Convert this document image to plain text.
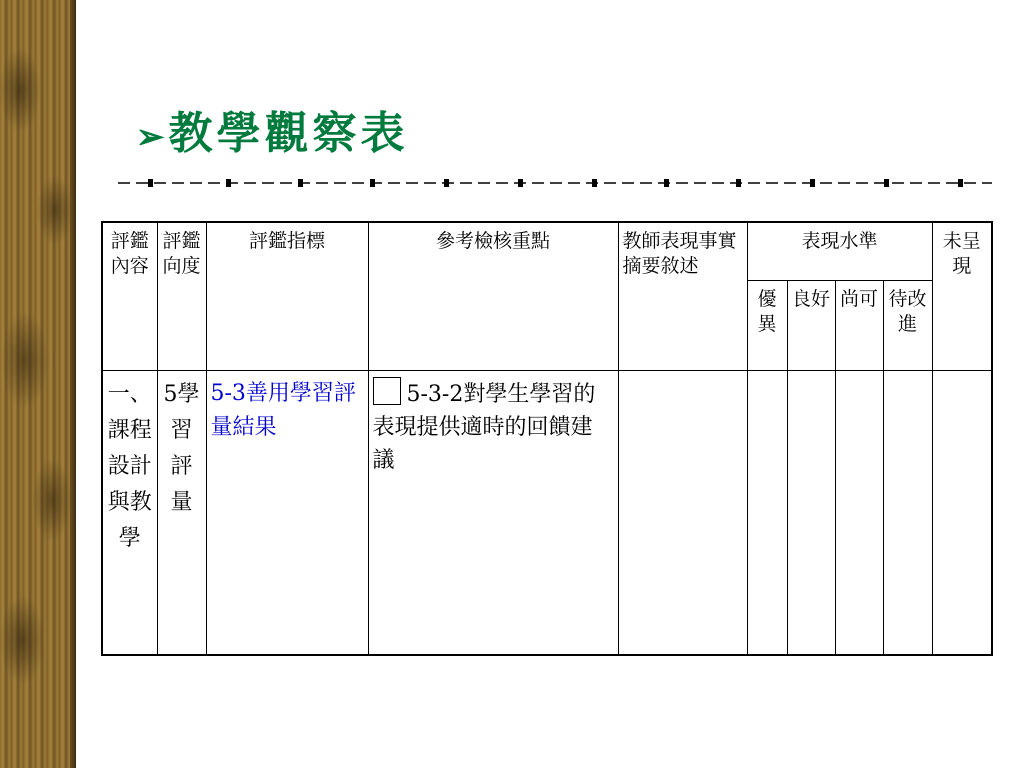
➢教學觀察表
評鑑內容	評鑑向度	評鑑指標	參考檢核重點	教師表現事實摘要敘述	表現水準				未呈現
					優異	良好	尚可	待改進	
一、課程設計與教學	5學習評量	5-3善用學習評量結果	5-3-2對學生學習的表現提供適時的回饋建議						
